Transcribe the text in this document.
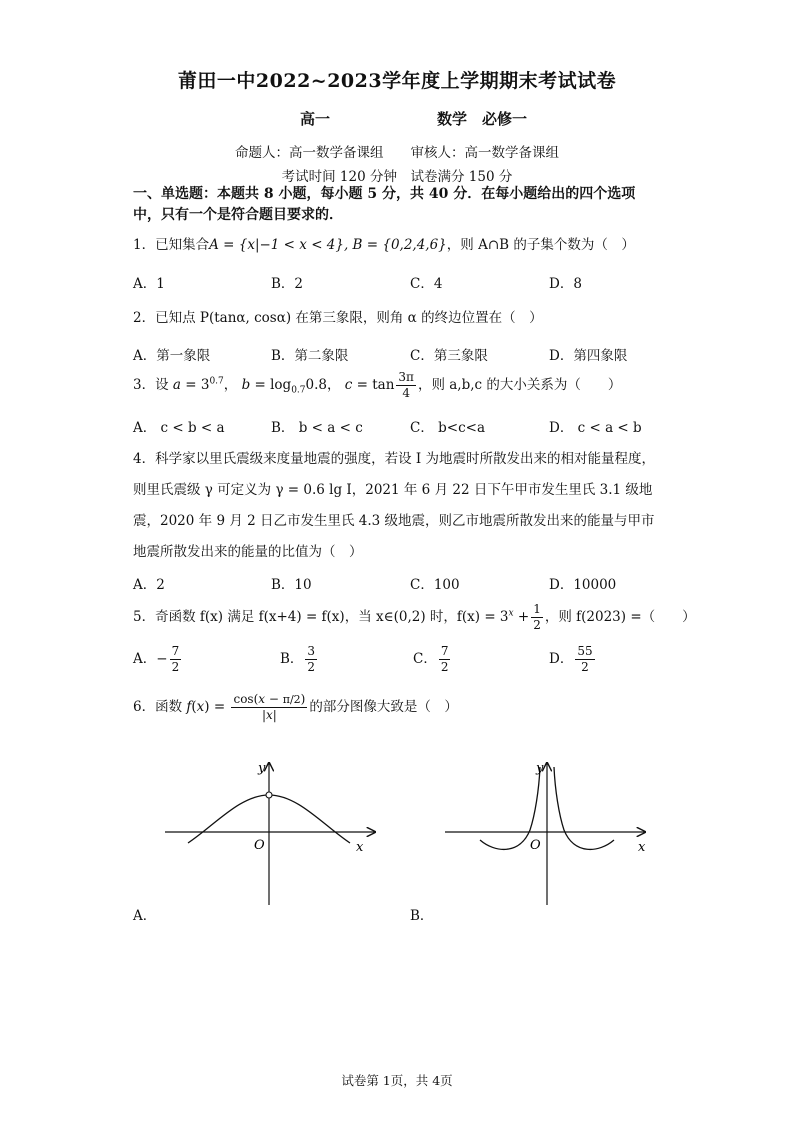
莆田一中2022~2023学年度上学期期末考试试卷
高一	数学　必修一
命题人：高一数学备课组　　审核人：高一数学备课组
考试时间 120 分钟　试卷满分 150 分
一、单选题：本题共 8 小题，每小题 5 分，共 40 分．在每小题给出的四个选项中，只有一个是符合题目要求的．
1．已知集合A = {x|−1 < x < 4}, B = {0,2,4,6}，则 A∩B 的子集个数为（　）
A．1	B．2	C．4	D．8
2．已知点 P(tanα, cosα) 在第三象限，则角 α 的终边位置在（　）
A．第一象限	B．第二象限	C．第三象限	D．第四象限
3．设 $a = 3^{0.7}$， $b = \log_{0.7}0.8$， $c = \tan \frac{3\pi}{4}$ ，则 a,b,c 的大小关系为（　　）
A． c < b < a	B． b < a < c	C． b<c<a	D． c < a < b
4．科学家以里氏震级来度量地震的强度，若设 I 为地震时所散发出来的相对能量程度，则里氏震级 γ 可定义为 γ = 0.6 lg I，2021 年 6 月 22 日下午甲市发生里氏 3.1 级地震，2020 年 9 月 2 日乙市发生里氏 4.3 级地震，则乙市地震所散发出来的能量与甲市地震所散发出来的能量的比值为（　）
A．2	B．10	C．100	D．10000
5．奇函数 f(x) 满足 f(x+4) = f(x)，当 x∈(0,2) 时，$f(x) = 3^x + \frac{1}{2}$ ，则 f(2023) =（　　）
A．− $\frac{7}{2}$	B． $\frac{3}{2}$	C． $\frac{7}{2}$	D． $\frac{55}{2}$
6．函数 $f(x) = \frac{\cos(x - \pi/2)}{|x|}$ 的部分图像大致是（　）
y
x
O
A．
y
x
O
B．
试卷第 1页，共 4页
